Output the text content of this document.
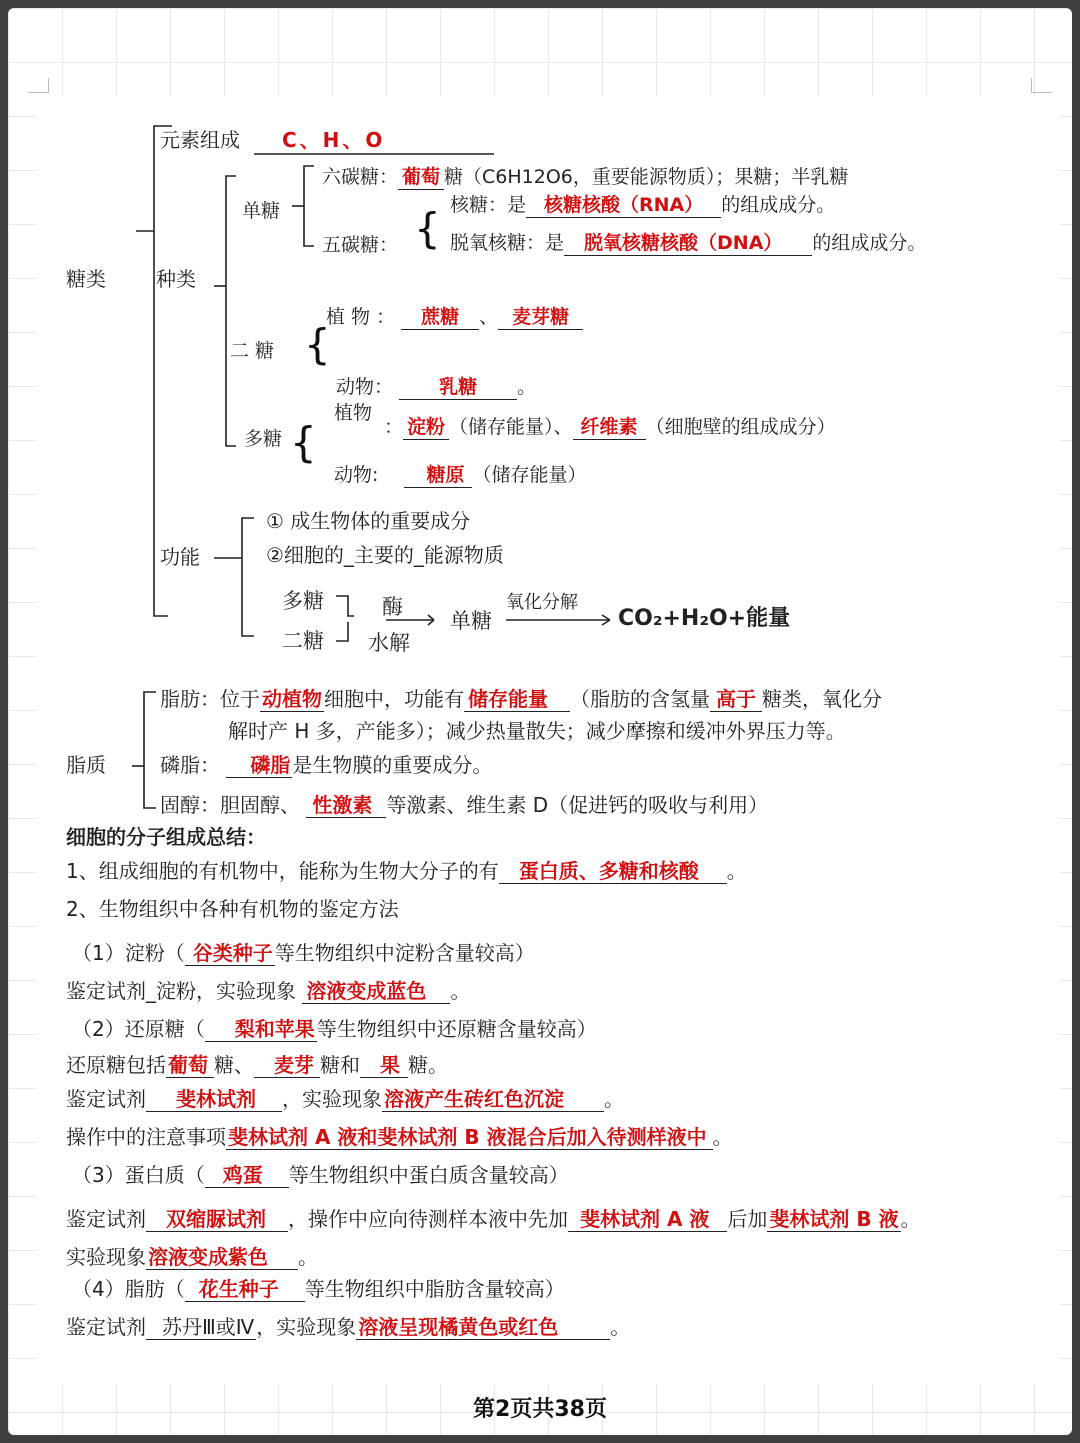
糖类
元素组成 C、H、O
种类
单糖
六碳糖： 葡萄 糖（C6H12O6，重要能源物质）；果糖；半乳糖
五碳糖： { 核糖：是 核糖核酸（RNA） 的组成成分。
脱氧核糖：是 脱氧核糖核酸（DNA） 的组成成分。
二 糖 {
植 物 ： 蔗糖 、 麦芽糖
动物： 乳糖 。
多糖 {
植物
： 淀粉 （储存能量）、 纤维素 （细胞壁的组成成分）
动物:	糖原 （储存能量）
功能
① 成生物体的重要成分
②细胞的_主要的_能源物质
多糖
二糖
酶
水解
单糖
氧化分解
CO₂+H₂O+能量
脂质
脂肪：位于 动植物 细胞中，功能有 储存能量 （脂肪的含氢量 高于 糖类，氧化分
解时产 H 多，产能多）；减少热量散失；减少摩擦和缓冲外界压力等。
磷脂： 磷脂 是生物膜的重要成分。
固醇：胆固醇、 性激素 等激素、维生素 D（促进钙的吸收与利用）
细胞的分子组成总结：
1、组成细胞的有机物中，能称为生物大分子的有 蛋白质、多糖和核酸 。
2、生物组织中各种有机物的鉴定方法
（1）淀粉（ 谷类种子 等生物组织中淀粉含量较高）
鉴定试剂_淀粉，实验现象 溶液变成蓝色 。
（2）还原糖（ 梨和苹果 等生物组织中还原糖含量较高）
还原糖包括 葡萄 糖、 麦芽 糖和 果 糖。
鉴定试剂 斐林试剂 ，实验现象 溶液产生砖红色沉淀 。
操作中的注意事项 斐林试剂 A 液和斐林试剂 B 液混合后加入待测样液中 。
（3）蛋白质（ 鸡蛋 等生物组织中蛋白质含量较高）
鉴定试剂 双缩脲试剂 ，操作中应向待测样本液中先加 斐林试剂 A 液 后加 斐林试剂 B 液 。
实验现象 溶液变成紫色 。
（4）脂肪（ 花生种子 等生物组织中脂肪含量较高）
鉴定试剂 苏丹Ⅲ或Ⅳ ，实验现象 溶液呈现橘黄色或红色	。
第2页共38页
